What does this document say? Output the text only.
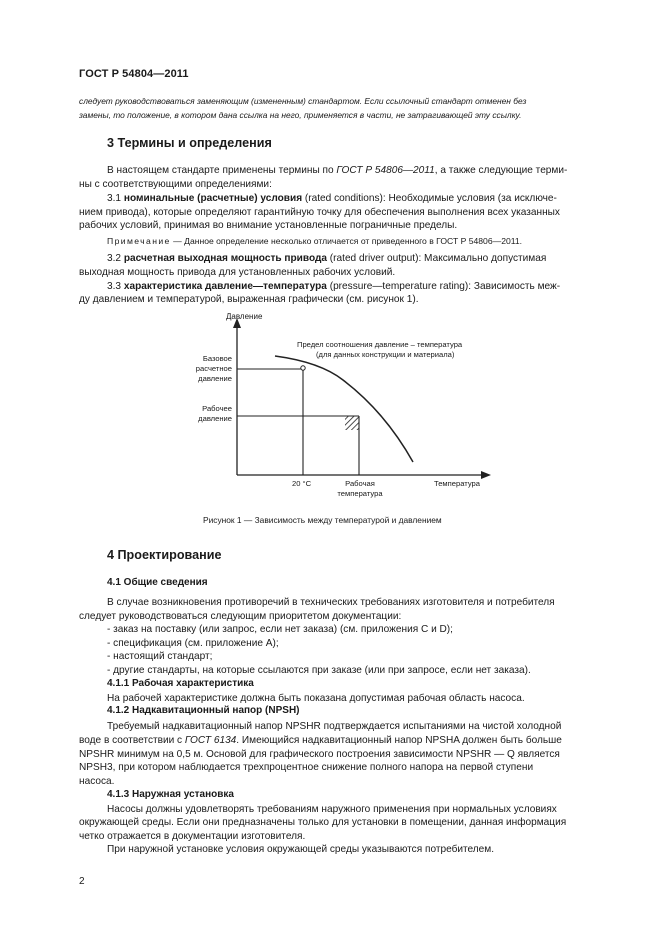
ГОСТ Р 54804—2011
следует руководствоваться заменяющим (измененным) стандартом. Если ссылочный стандарт отменен без
замены, то положение, в котором дана ссылка на него, применяется в части, не затрагивающей эту ссылку.
3 Термины и определения
В настоящем стандарте применены термины по ГОСТ Р 54806—2011, а также следующие терми-
ны с соответствующими определениями:
3.1 номинальные (расчетные) условия (rated conditions): Необходимые условия (за исключе-
нием привода), которые определяют гарантийную точку для обеспечения выполнения всех указанных
рабочих условий, принимая во внимание установленные пограничные пределы.
Примечание — Данное определение несколько отличается от приведенного в ГОСТ Р 54806—2011.
3.2 расчетная выходная мощность привода (rated driver output): Максимально допустимая
выходная мощность привода для установленных рабочих условий.
3.3 характеристика давление—температура (pressure—temperature rating): Зависимость меж-
ду давлением и температурой, выраженная графически (см. рисунок 1).
Давление
Предел соотношения давление – температура
(для данных конструкции и материала)
Базовое
расчетное
давление
Рабочее
давление
20 °С	Рабочая
температура
Температура
Рисунок 1 — Зависимость между температурой и давлением
4 Проектирование
4.1 Общие сведения
В случае возникновения противоречий в технических требованиях изготовителя и потребителя
следует руководствоваться следующим приоритетом документации:
- заказ на поставку (или запрос, если нет заказа) (см. приложения С и D);
- спецификация (см. приложение А);
- настоящий стандарт;
- другие стандарты, на которые ссылаются при заказе (или при запросе, если нет заказа).
4.1.1 Рабочая характеристика
На рабочей характеристике должна быть показана допустимая рабочая область насоса.
4.1.2 Надкавитационный напор (NPSH)
Требуемый надкавитационный напор NPSHR подтверждается испытаниями на чистой холодной
воде в соответствии с ГОСТ 6134. Имеющийся надкавитационный напор NPSHA должен быть больше
NPSHR минимум на 0,5 м. Основой для графического построения зависимости NPSHR — Q является
NPSH3, при котором наблюдается трехпроцентное снижение полного напора на первой ступени
насоса.
4.1.3 Наружная установка
Насосы должны удовлетворять требованиям наружного применения при нормальных условиях
окружающей среды. Если они предназначены только для установки в помещении, данная информация
четко отражается в документации изготовителя.
При наружной установке условия окружающей среды указываются потребителем.
2
